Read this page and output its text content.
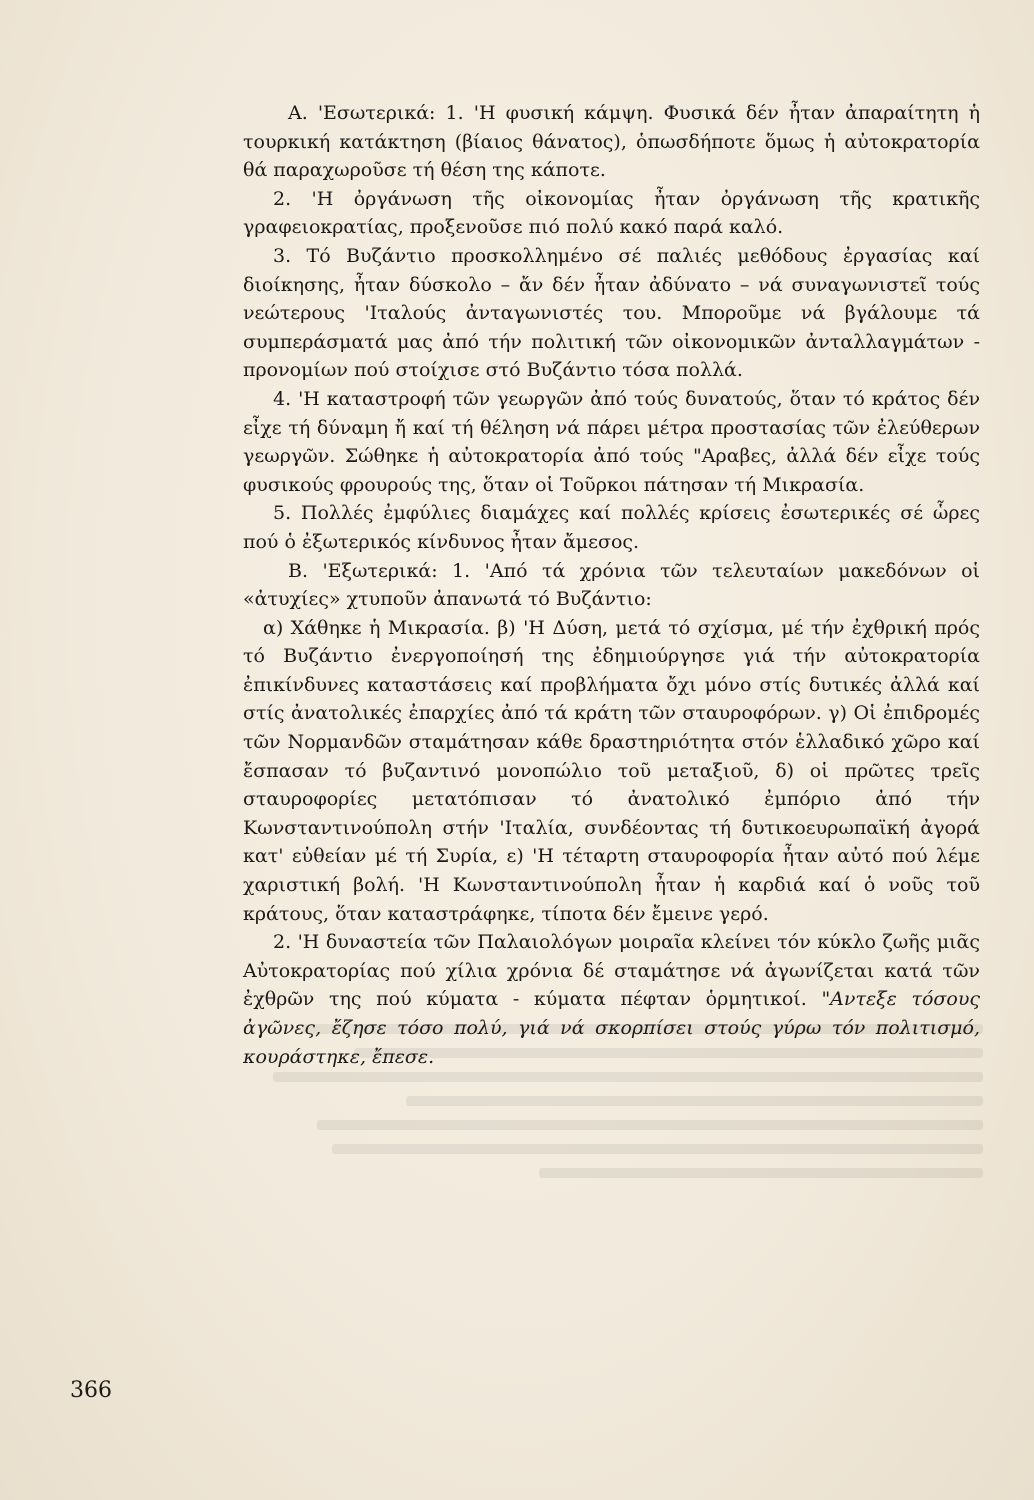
Α. 'Εσωτερικά: 1. 'Η φυσική κάμψη. Φυσικά δέν ἦταν ἀπαραίτητη ἡ τουρκική κατάκτηση (βίαιος θάνατος), ὁπωσδήποτε ὅμως ἡ αὐτοκρατορία θά παραχωροῦσε τή θέση της κάποτε.

2. 'Η ὀργάνωση τῆς οἰκονομίας ἦταν ὀργάνωση τῆς κρατικῆς γραφειοκρατίας, προξενοῦσε πιό πολύ κακό παρά καλό.

3. Τό Βυζάντιο προσκολλημένο σέ παλιές μεθόδους ἐργασίας καί διοίκησης, ἦταν δύσκολο – ἄν δέν ἦταν ἀδύνατο – νά συναγωνιστεῖ τούς νεώτερους 'Ιταλούς ἀνταγωνιστές του. Μποροῦμε νά βγάλουμε τά συμπεράσματά μας ἀπό τήν πολιτική τῶν οἰκονομικῶν ἀνταλλαγμάτων - προνομίων πού στοίχισε στό Βυζάντιο τόσα πολλά.

4. 'Η καταστροφή τῶν γεωργῶν ἀπό τούς δυνατούς, ὅταν τό κράτος δέν εἶχε τή δύναμη ἤ καί τή θέληση νά πάρει μέτρα προστασίας τῶν ἐλεύθερων γεωργῶν. Σώθηκε ἡ αὐτοκρατορία ἀπό τούς "Αραβες, ἀλλά δέν εἶχε τούς φυσικούς φρουρούς της, ὅταν οἱ Τοῦρκοι πάτησαν τή Μικρασία.

5. Πολλές ἐμφύλιες διαμάχες καί πολλές κρίσεις ἐσωτερικές σέ ὧρες πού ὁ ἐξωτερικός κίνδυνος ἦταν ἄμεσος.

Β. 'Εξωτερικά: 1. 'Από τά χρόνια τῶν τελευταίων μακεδόνων οἱ «ἀτυχίες» χτυποῦν ἀπανωτά τό Βυζάντιο:

α) Χάθηκε ἡ Μικρασία. β) 'Η Δύση, μετά τό σχίσμα, μέ τήν ἐχθρική πρός τό Βυζάντιο ἐνεργοποίησή της ἐδημιούργησε γιά τήν αὐτοκρατορία ἐπικίνδυνες καταστάσεις καί προβλήματα ὄχι μόνο στίς δυτικές ἀλλά καί στίς ἀνατολικές ἐπαρχίες ἀπό τά κράτη τῶν σταυροφόρων. γ) Οἱ ἐπιδρομές τῶν Νορμανδῶν σταμάτησαν κάθε δραστηριότητα στόν ἑλλαδικό χῶρο καί ἔσπασαν τό βυζαντινό μονοπώλιο τοῦ μεταξιοῦ, δ) οἱ πρῶτες τρεῖς σταυροφορίες μετατόπισαν τό ἀνατολικό ἐμπόριο ἀπό τήν Κωνσταντινούπολη στήν 'Ιταλία, συνδέοντας τή δυτικοευρωπαϊκή ἀγορά κατ' εὐθείαν μέ τή Συρία, ε) 'Η τέταρτη σταυροφορία ἦταν αὐτό πού λέμε χαριστική βολή. 'Η Κωνσταντινούπολη ἦταν ἡ καρδιά καί ὁ νοῦς τοῦ κράτους, ὅταν καταστράφηκε, τίποτα δέν ἔμεινε γερό.

2. 'Η δυναστεία τῶν Παλαιολόγων μοιραῖα κλείνει τόν κύκλο ζωῆς μιᾶς Αὐτοκρατορίας πού χίλια χρόνια δέ σταμάτησε νά ἀγωνίζεται κατά τῶν ἐχθρῶν της πού κύματα - κύματα πέφταν ὁρμητικοί. "Αντεξε τόσους ἀγῶνες, ἔζησε τόσο πολύ, γιά νά σκορπίσει στούς γύρω τόν πολιτισμό, κουράστηκε, ἔπεσε.

366
